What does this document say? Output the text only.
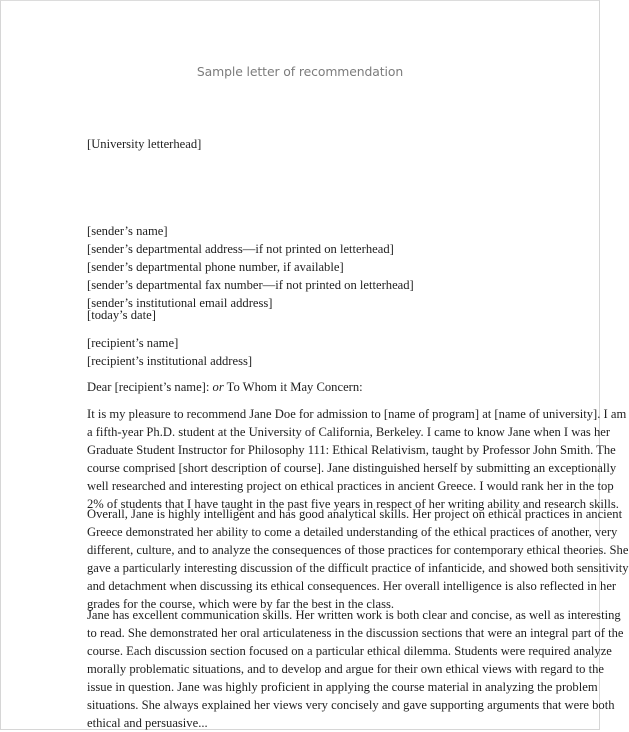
Sample letter of recommendation
[University letterhead]
[sender’s name]
[sender’s departmental address—if not printed on letterhead]
[sender’s departmental phone number, if available]
[sender’s departmental fax number—if not printed on letterhead]
[sender’s institutional email address]
[today’s date]
[recipient’s name]
[recipient’s institutional address]
Dear [recipient’s name]: or To Whom it May Concern:
It is my pleasure to recommend Jane Doe for admission to [name of program] at [name of university]. I am
a fifth-year Ph.D. student at the University of California, Berkeley. I came to know Jane when I was her
Graduate Student Instructor for Philosophy 111: Ethical Relativism, taught by Professor John Smith. The
course comprised [short description of course]. Jane distinguished herself by submitting an exceptionally
well researched and interesting project on ethical practices in ancient Greece. I would rank her in the top
2% of students that I have taught in the past five years in respect of her writing ability and research skills.
Overall, Jane is highly intelligent and has good analytical skills. Her project on ethical practices in ancient
Greece demonstrated her ability to come a detailed understanding of the ethical practices of another, very
different, culture, and to analyze the consequences of those practices for contemporary ethical theories. She
gave a particularly interesting discussion of the difficult practice of infanticide, and showed both sensitivity
and detachment when discussing its ethical consequences. Her overall intelligence is also reflected in her
grades for the course, which were by far the best in the class.
Jane has excellent communication skills. Her written work is both clear and concise, as well as interesting
to read. She demonstrated her oral articulateness in the discussion sections that were an integral part of the
course. Each discussion section focused on a particular ethical dilemma. Students were required analyze
morally problematic situations, and to develop and argue for their own ethical views with regard to the
issue in question. Jane was highly proficient in applying the course material in analyzing the problem
situations. She always explained her views very concisely and gave supporting arguments that were both
ethical and persuasive...
